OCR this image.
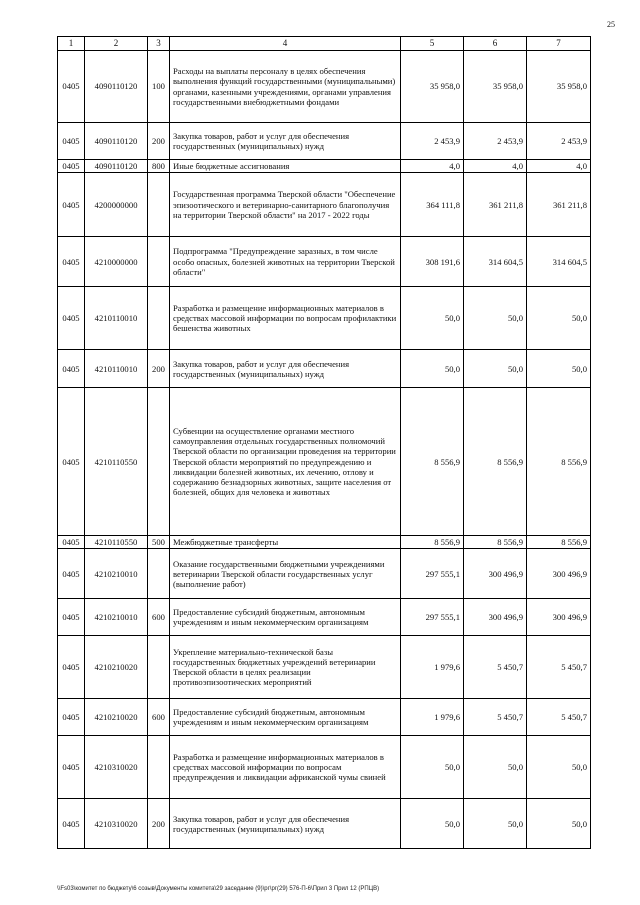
25
1	2	3	4	5	6	7
0405	4090110120	100	Расходы на выплаты персоналу в целях обеспечения выполнения функций государственными (муниципальными) органами, казенными учреждениями, органами управления государственными внебюджетными фондами	35 958,0	35 958,0	35 958,0
0405	4090110120	200	Закупка товаров, работ и услуг для обеспечения государственных (муниципальных) нужд	2 453,9	2 453,9	2 453,9
0405	4090110120	800	Иные бюджетные ассигнования	4,0	4,0	4,0
0405	4200000000		Государственная программа Тверской области "Обеспечение эпизоотического и ветеринарно-санитарного благополучия на территории Тверской области" на 2017 - 2022 годы	364 111,8	361 211,8	361 211,8
0405	4210000000		Подпрограмма "Предупреждение заразных, в том числе особо опасных, болезней животных на территории Тверской области"	308 191,6	314 604,5	314 604,5
0405	4210110010		Разработка и размещение информационных материалов в средствах массовой информации по вопросам профилактики бешенства животных	50,0	50,0	50,0
0405	4210110010	200	Закупка товаров, работ и услуг для обеспечения государственных (муниципальных) нужд	50,0	50,0	50,0
0405	4210110550		Субвенции на осуществление органами местного самоуправления отдельных государственных полномочий Тверской области по организации проведения на территории Тверской области мероприятий по предупреждению и ликвидации болезней животных, их лечению, отлову и содержанию безнадзорных животных, защите населения от болезней, общих для человека и животных	8 556,9	8 556,9	8 556,9
0405	4210110550	500	Межбюджетные трансферты	8 556,9	8 556,9	8 556,9
0405	4210210010		Оказание государственными бюджетными учреждениями ветеринарии Тверской области государственных услуг (выполнение работ)	297 555,1	300 496,9	300 496,9
0405	4210210010	600	Предоставление субсидий бюджетным, автономным учреждениям и иным некоммерческим организациям	297 555,1	300 496,9	300 496,9
0405	4210210020		Укрепление материально-технической базы государственных бюджетных учреждений ветеринарии Тверской области в целях реализации противоэпизоотических мероприятий	1 979,6	5 450,7	5 450,7
0405	4210210020	600	Предоставление субсидий бюджетным, автономным учреждениям и иным некоммерческим организациям	1 979,6	5 450,7	5 450,7
0405	4210310020		Разработка и размещение информационных материалов в средствах массовой информации по вопросам предупреждения и ликвидации африканской чумы свиней	50,0	50,0	50,0
0405	4210310020	200	Закупка товаров, работ и услуг для обеспечения государственных (муниципальных) нужд	50,0	50,0	50,0
\\Fs03\комитет по бюджету\6 созыв\Документы комитета\29 заседание (9)\рг\рг(29) 576-П-6\Прил 3 Прил 12 (РПЦВ)
